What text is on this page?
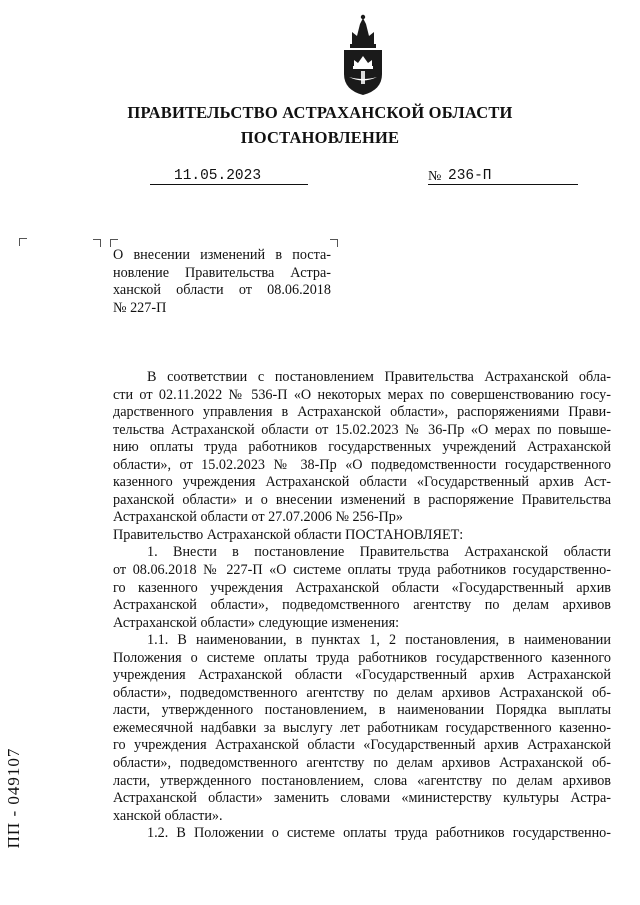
ПРАВИТЕЛЬСТВО АСТРАХАНСКОЙ ОБЛАСТИ
ПОСТАНОВЛЕНИЕ
11.05.2023	№ 236-П
О внесении изменений в поста-
новление Правительства Астра-
ханской области от 08.06.2018
№ 227-П
В соответствии с постановлением Правительства Астраханской обла-
сти от 02.11.2022 № 536-П «О некоторых мерах по совершенствованию госу-
дарственного управления в Астраханской области», распоряжениями Прави-
тельства Астраханской области от 15.02.2023 № 36-Пр «О мерах по повыше-
нию оплаты труда работников государственных учреждений Астраханской
области», от 15.02.2023 № 38-Пр «О подведомственности государственного
казенного учреждения Астраханской области «Государственный архив Аст-
раханской области» и о внесении изменений в распоряжение Правительства
Астраханской области от 27.07.2006 № 256-Пр»
Правительство Астраханской области ПОСТАНОВЛЯЕТ:
1. Внести в постановление Правительства Астраханской области
от 08.06.2018 № 227-П «О системе оплаты труда работников государственно-
го казенного учреждения Астраханской области «Государственный архив
Астраханской области», подведомственного агентству по делам архивов
Астраханской области» следующие изменения:
1.1. В наименовании, в пунктах 1, 2 постановления, в наименовании
Положения о системе оплаты труда работников государственного казенного
учреждения Астраханской области «Государственный архив Астраханской
области», подведомственного агентству по делам архивов Астраханской об-
ласти, утвержденного постановлением, в наименовании Порядка выплаты
ежемесячной надбавки за выслугу лет работникам государственного казенно-
го учреждения Астраханской области «Государственный архив Астраханской
области», подведомственного агентству по делам архивов Астраханской об-
ласти, утвержденного постановлением, слова «агентству по делам архивов
Астраханской области» заменить словами «министерству культуры Астра-
ханской области».
1.2. В Положении о системе оплаты труда работников государственно-
ПП - 049107
